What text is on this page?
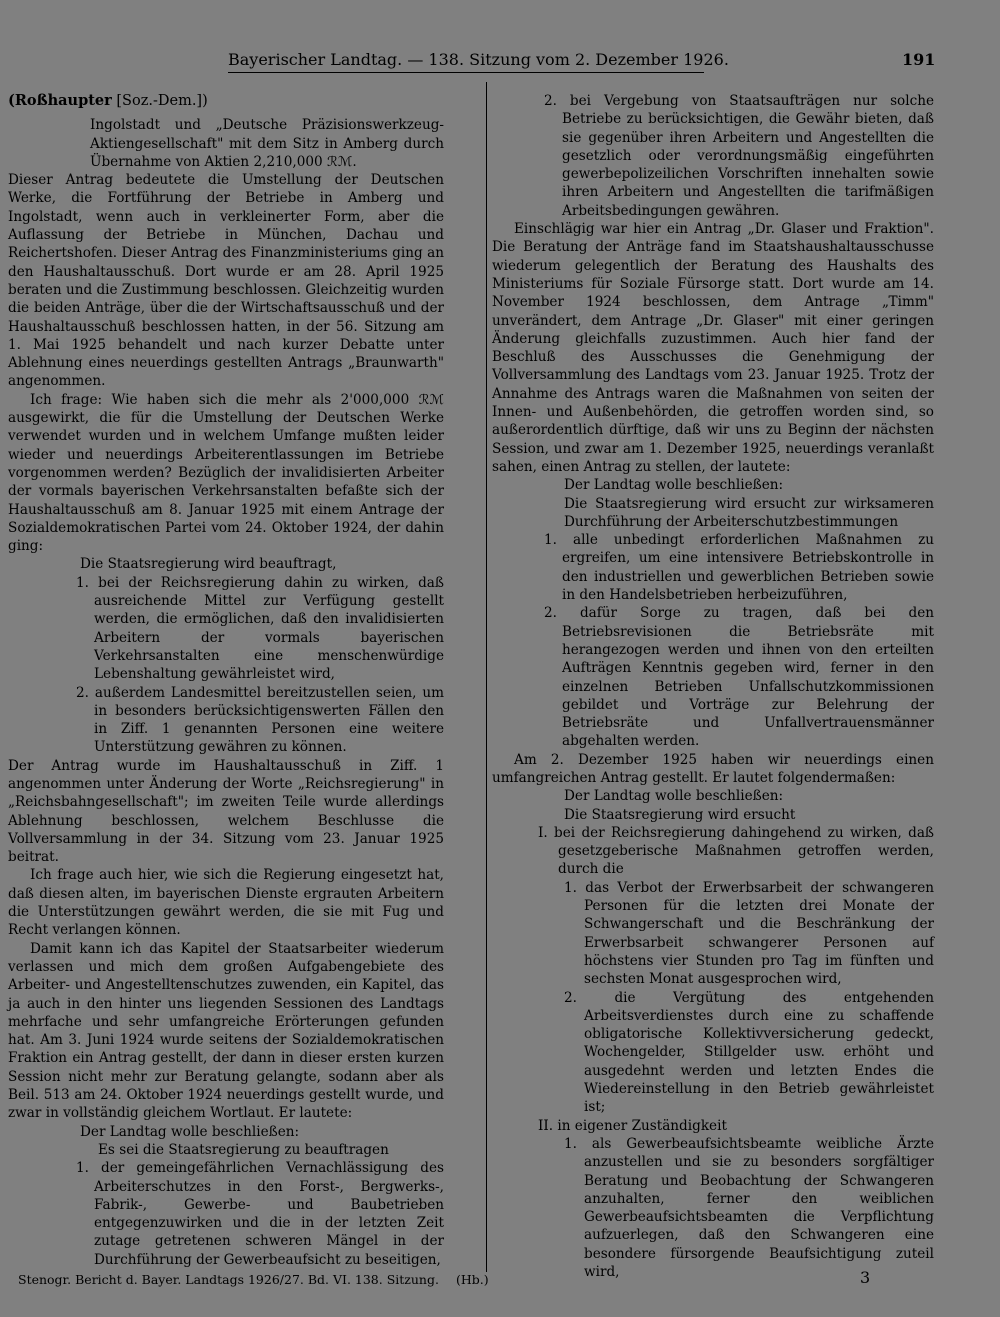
Bayerischer Landtag. — 138. Sitzung vom 2. Dezember 1926.	191

(Roßhaupter [Soz.-Dem.])

Ingolstadt und „Deutsche Präzisionswerkzeug-Aktiengesellschaft" mit dem Sitz in Amberg durch Übernahme von Aktien 2,210,000 ℛℳ.

Dieser Antrag bedeutete die Umstellung der Deutschen Werke, die Fortführung der Betriebe in Amberg und Ingolstadt, wenn auch in verkleinerter Form, aber die Auflassung der Betriebe in München, Dachau und Reichertshofen. Dieser Antrag des Finanzministeriums ging an den Haushaltausschuß. Dort wurde er am 28. April 1925 beraten und die Zustimmung beschlossen. Gleichzeitig wurden die beiden Anträge, über die der Wirtschaftsausschuß und der Haushaltausschuß beschlossen hatten, in der 56. Sitzung am 1. Mai 1925 behandelt und nach kurzer Debatte unter Ablehnung eines neuerdings gestellten Antrags „Braunwarth" angenommen.

Ich frage: Wie haben sich die mehr als 2'000,000 ℛℳ ausgewirkt, die für die Umstellung der Deutschen Werke verwendet wurden und in welchem Umfange mußten leider wieder und neuerdings Arbeiterentlassungen im Betriebe vorgenommen werden? Bezüglich der invalidisierten Arbeiter der vormals bayerischen Verkehrsanstalten befaßte sich der Haushaltausschuß am 8. Januar 1925 mit einem Antrage der Sozialdemokratischen Partei vom 24. Oktober 1924, der dahin ging:

Die Staatsregierung wird beauftragt,

1. bei der Reichsregierung dahin zu wirken, daß ausreichende Mittel zur Verfügung gestellt werden, die ermöglichen, daß den invalidisierten Arbeitern der vormals bayerischen Verkehrsanstalten eine menschenwürdige Lebenshaltung gewährleistet wird,

2. außerdem Landesmittel bereitzustellen seien, um in besonders berücksichtigenswerten Fällen den in Ziff. 1 genannten Personen eine weitere Unterstützung gewähren zu können.

Der Antrag wurde im Haushaltausschuß in Ziff. 1 angenommen unter Änderung der Worte „Reichsregierung" in „Reichsbahngesellschaft"; im zweiten Teile wurde allerdings Ablehnung beschlossen, welchem Beschlusse die Vollversammlung in der 34. Sitzung vom 23. Januar 1925 beitrat.

Ich frage auch hier, wie sich die Regierung eingesetzt hat, daß diesen alten, im bayerischen Dienste ergrauten Arbeitern die Unterstützungen gewährt werden, die sie mit Fug und Recht verlangen können.

Damit kann ich das Kapitel der Staatsarbeiter wiederum verlassen und mich dem großen Aufgabengebiete des Arbeiter- und Angestelltenschutzes zuwenden, ein Kapitel, das ja auch in den hinter uns liegenden Sessionen des Landtags mehrfache und sehr umfangreiche Erörterungen gefunden hat. Am 3. Juni 1924 wurde seitens der Sozialdemokratischen Fraktion ein Antrag gestellt, der dann in dieser ersten kurzen Session nicht mehr zur Beratung gelangte, sodann aber als Beil. 513 am 24. Oktober 1924 neuerdings gestellt wurde, und zwar in vollständig gleichem Wortlaut. Er lautete:

Der Landtag wolle beschließen:

Es sei die Staatsregierung zu beauftragen

1. der gemeingefährlichen Vernachlässigung des Arbeiterschutzes in den Forst-, Bergwerks-, Fabrik-, Gewerbe- und Baubetrieben entgegenzuwirken und die in der letzten Zeit zutage getretenen schweren Mängel in der Durchführung der Gewerbeaufsicht zu beseitigen,

2. bei Vergebung von Staatsaufträgen nur solche Betriebe zu berücksichtigen, die Gewähr bieten, daß sie gegenüber ihren Arbeitern und Angestellten die gesetzlich oder verordnungsmäßig eingeführten gewerbepolizeilichen Vorschriften innehalten sowie ihren Arbeitern und Angestellten die tarifmäßigen Arbeitsbedingungen gewähren.

Einschlägig war hier ein Antrag „Dr. Glaser und Fraktion". Die Beratung der Anträge fand im Staatshaushaltausschusse wiederum gelegentlich der Beratung des Haushalts des Ministeriums für Soziale Fürsorge statt. Dort wurde am 14. November 1924 beschlossen, dem Antrage „Timm" unverändert, dem Antrage „Dr. Glaser" mit einer geringen Änderung gleichfalls zuzustimmen. Auch hier fand der Beschluß des Ausschusses die Genehmigung der Vollversammlung des Landtags vom 23. Januar 1925. Trotz der Annahme des Antrags waren die Maßnahmen von seiten der Innen- und Außenbehörden, die getroffen worden sind, so außerordentlich dürftige, daß wir uns zu Beginn der nächsten Session, und zwar am 1. Dezember 1925, neuerdings veranlaßt sahen, einen Antrag zu stellen, der lautete:

Der Landtag wolle beschließen:

Die Staatsregierung wird ersucht zur wirksameren Durchführung der Arbeiterschutzbestimmungen

1. alle unbedingt erforderlichen Maßnahmen zu ergreifen, um eine intensivere Betriebskontrolle in den industriellen und gewerblichen Betrieben sowie in den Handelsbetrieben herbeizuführen,

2. dafür Sorge zu tragen, daß bei den Betriebsrevisionen die Betriebsräte mit herangezogen werden und ihnen von den erteilten Aufträgen Kenntnis gegeben wird, ferner in den einzelnen Betrieben Unfallschutzkommissionen gebildet und Vorträge zur Belehrung der Betriebsräte und Unfallvertrauensmänner abgehalten werden.

Am 2. Dezember 1925 haben wir neuerdings einen umfangreichen Antrag gestellt. Er lautet folgendermaßen:

Der Landtag wolle beschließen:

Die Staatsregierung wird ersucht

I. bei der Reichsregierung dahingehend zu wirken, daß gesetzgeberische Maßnahmen getroffen werden, durch die

1. das Verbot der Erwerbsarbeit der schwangeren Personen für die letzten drei Monate der Schwangerschaft und die Beschränkung der Erwerbsarbeit schwangerer Personen auf höchstens vier Stunden pro Tag im fünften und sechsten Monat ausgesprochen wird,

2. die Vergütung des entgehenden Arbeitsverdienstes durch eine zu schaffende obligatorische Kollektivversicherung gedeckt, Wochengelder, Stillgelder usw. erhöht und ausgedehnt werden und letzten Endes die Wiedereinstellung in den Betrieb gewährleistet ist;

II. in eigener Zuständigkeit

1. als Gewerbeaufsichtsbeamte weibliche Ärzte anzustellen und sie zu besonders sorgfältiger Beratung und Beobachtung der Schwangeren anzuhalten, ferner den weiblichen Gewerbeaufsichtsbeamten die Verpflichtung aufzuerlegen, daß den Schwangeren eine besondere fürsorgende Beaufsichtigung zuteil wird,

Stenogr. Bericht d. Bayer. Landtags 1926/27. Bd. VI. 138. Sitzung. (Hb.)	3
